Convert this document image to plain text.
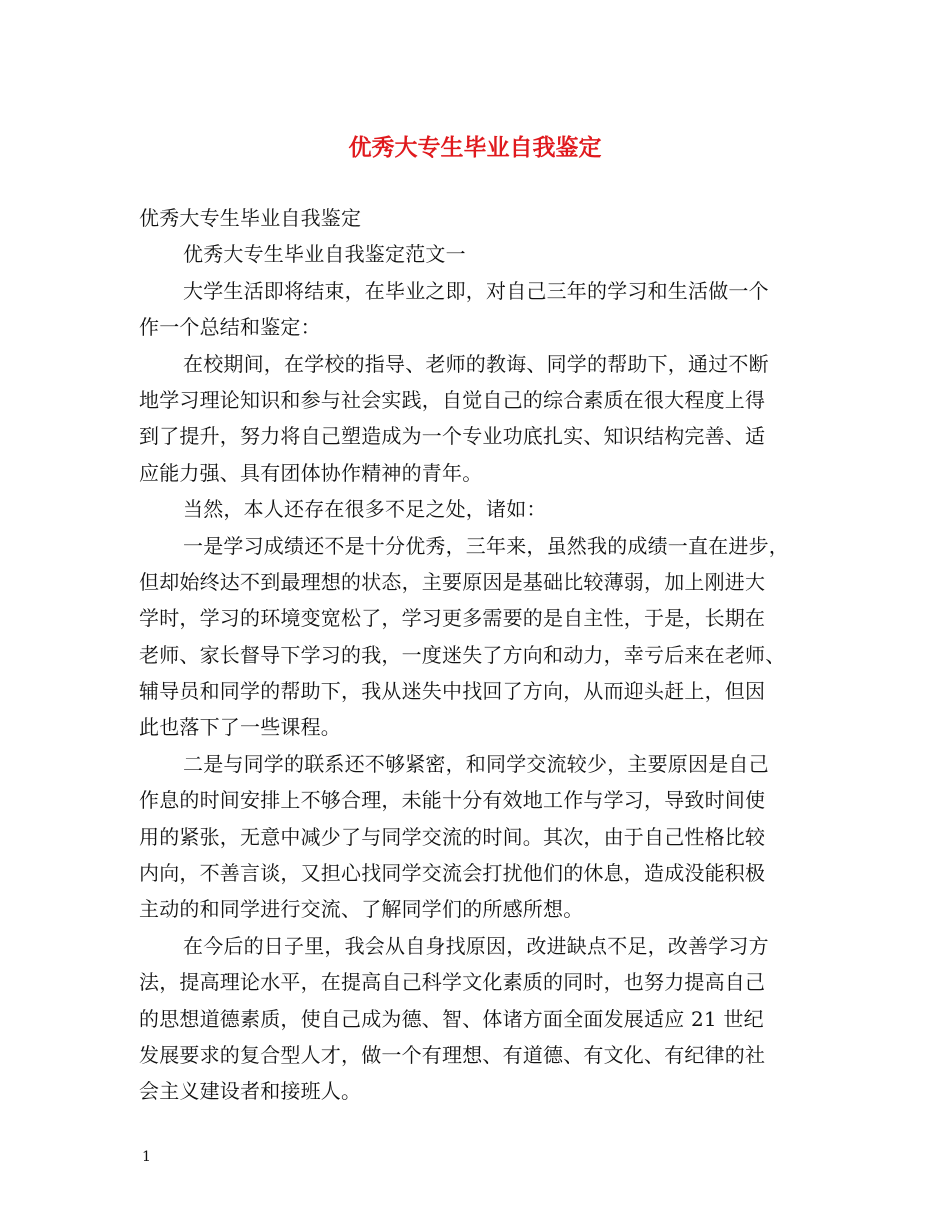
优秀大专生毕业自我鉴定
优秀大专生毕业自我鉴定
优秀大专生毕业自我鉴定范文一
大学生活即将结束，在毕业之即，对自己三年的学习和生活做一个
作一个总结和鉴定：
在校期间，在学校的指导、老师的教诲、同学的帮助下，通过不断
地学习理论知识和参与社会实践，自觉自己的综合素质在很大程度上得
到了提升，努力将自己塑造成为一个专业功底扎实、知识结构完善、适
应能力强、具有团体协作精神的青年。
当然，本人还存在很多不足之处，诸如：
一是学习成绩还不是十分优秀，三年来，虽然我的成绩一直在进步，
但却始终达不到最理想的状态，主要原因是基础比较薄弱，加上刚进大
学时，学习的环境变宽松了，学习更多需要的是自主性，于是，长期在
老师、家长督导下学习的我，一度迷失了方向和动力，幸亏后来在老师、
辅导员和同学的帮助下，我从迷失中找回了方向，从而迎头赶上，但因
此也落下了一些课程。
二是与同学的联系还不够紧密，和同学交流较少，主要原因是自己
作息的时间安排上不够合理，未能十分有效地工作与学习，导致时间使
用的紧张，无意中减少了与同学交流的时间。其次，由于自己性格比较
内向，不善言谈，又担心找同学交流会打扰他们的休息，造成没能积极
主动的和同学进行交流、了解同学们的所感所想。
在今后的日子里，我会从自身找原因，改进缺点不足，改善学习方
法，提高理论水平，在提高自己科学文化素质的同时，也努力提高自己
的思想道德素质，使自己成为德、智、体诸方面全面发展适应 21 世纪
发展要求的复合型人才，做一个有理想、有道德、有文化、有纪律的社
会主义建设者和接班人。
1
